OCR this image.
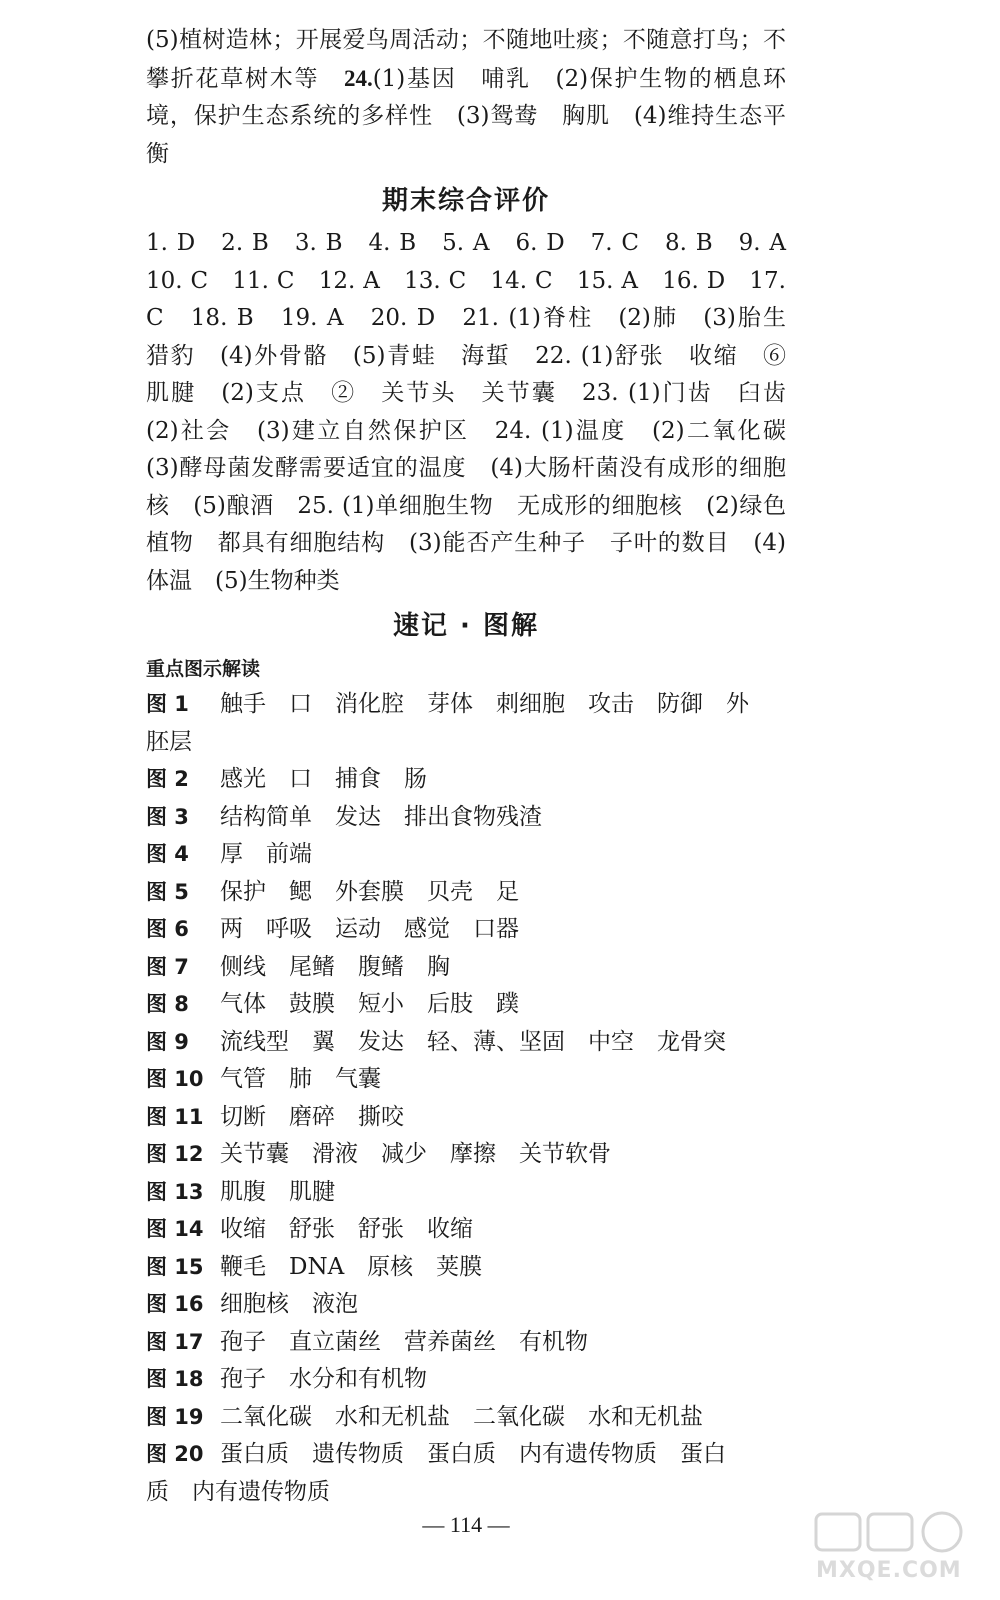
(5)植树造林；开展爱鸟周活动；不随地吐痰；不随意打鸟；不攀折花草树木等　 24.(1)基因　哺乳　(2)保护生物的栖息环境，保护生态系统的多样性　(3)鸳鸯　胸肌　(4)维持生态平衡

期末综合评价

1. D　2. B　3. B　4. B　5. A　6. D　7. C　8. B　9. A　10. C　11. C　12. A　13. C　14. C　15. A　16. D　17. C　18. B　19. A　20. D　21. (1)脊柱　(2)肺　(3)胎生　猎豹　(4)外骨骼　(5)青蛙　海蜇　22. (1)舒张　收缩　⑥　肌腱　(2)支点　②　关节头　关节囊　23. (1)门齿　臼齿　(2)社会　(3)建立自然保护区　24. (1)温度　(2)二氧化碳　(3)酵母菌发酵需要适宜的温度　(4)大肠杆菌没有成形的细胞核　(5)酿酒　25. (1)单细胞生物　无成形的细胞核　(2)绿色植物　都具有细胞结构　(3)能否产生种子　子叶的数目　(4)体温　(5)生物种类

速记 · 图解

重点图示解读

图 1	触手　口　消化腔　芽体　刺细胞　攻击　防御　外
胚层
图 2	感光　口　捕食　肠
图 3	结构简单　发达　排出食物残渣
图 4	厚　前端
图 5	保护　鳃　外套膜　贝壳　足
图 6	两　呼吸　运动　感觉　口器
图 7	侧线　尾鳍　腹鳍　胸
图 8	气体　鼓膜　短小　后肢　蹼
图 9	流线型　翼　发达　轻、薄、坚固　中空　龙骨突
图 10 气管　肺　气囊
图 11 切断　磨碎　撕咬
图 12 关节囊　滑液　减少　摩擦　关节软骨
图 13 肌腹　肌腱
图 14 收缩　舒张　舒张　收缩
图 15 鞭毛　DNA　原核　荚膜
图 16 细胞核　液泡
图 17 孢子　直立菌丝　营养菌丝　有机物
图 18 孢子　水分和有机物
图 19 二氧化碳　水和无机盐　二氧化碳　水和无机盐
图 20 蛋白质　遗传物质　蛋白质　内有遗传物质　蛋白
质　内有遗传物质
— 114 —
MXQE.COM
